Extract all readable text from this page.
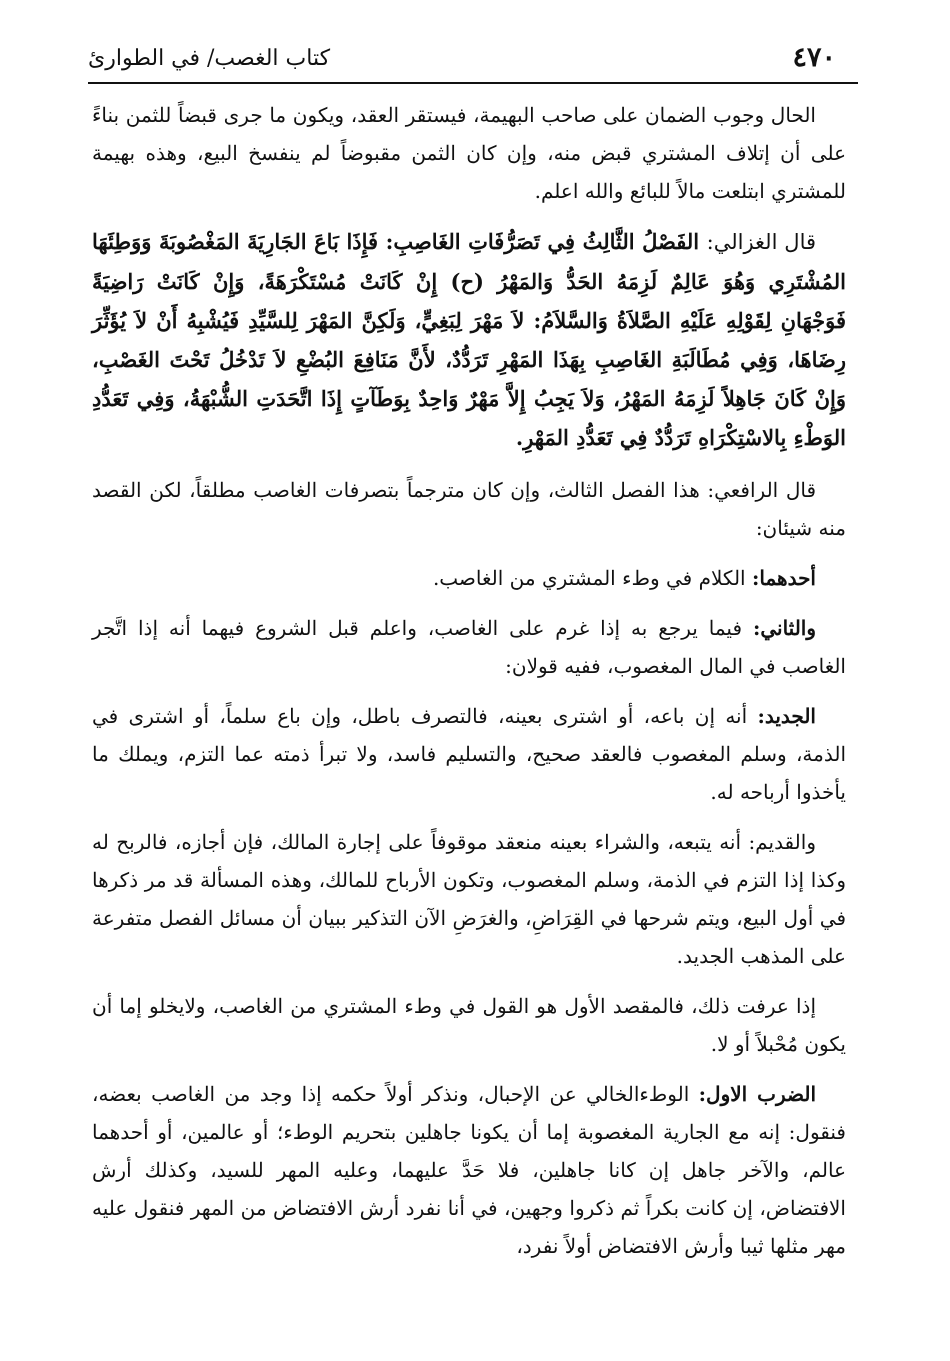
٤٧٠
كتاب الغصب/ في الطوارئ

الحال وجوب الضمان على صاحب البهيمة، فيستقر العقد، ويكون ما جرى قبضاً للثمن بناءً على أن إتلاف المشتري قبض منه، وإن كان الثمن مقبوضاً لم ينفسخ البيع، وهذه بهيمة للمشتري ابتلعت مالاً للبائع والله اعلم.

قال الغزالي: الفَصْلُ الثَّالِثُ فِي تَصَرُّفَاتِ الغَاصِبِ: فَإِذَا بَاعَ الجَارِيَةَ المَغْصُوبَةَ وَوَطِئَهَا المُشْتَرِي وَهُوَ عَالِمٌ لَزِمَهُ الحَدُّ وَالمَهْرُ (ح) إِنْ كَانَتْ مُسْتَكْرَهَةً، وَإِنْ كَانَتْ رَاضِيَةً فَوَجْهَانِ لِقَوْلِهِ عَلَيْهِ الصَّلاَةُ وَالسَّلاَمُ: لاَ مَهْرَ لِبَغِيٍّ، وَلَكِنَّ المَهْرَ لِلسَّيِّدِ فَيُشْبِهُ أَنْ لاَ يُؤَثِّرَ رِضَاهَا، وَفِي مُطَالَبَةِ الغَاصِبِ بِهَذَا المَهْرِ تَرَدُّدٌ، لأَنَّ مَنَافِعَ البُضْعِ لاَ تَدْخُلُ تَحْتَ الغَصْبِ، وَإِنْ كَانَ جَاهِلاً لَزِمَهُ المَهْرُ، وَلاَ يَجِبُ إِلاَّ مَهْرٌ وَاحِدٌ بِوَطَآتٍ إِذَا اتَّحَدَتِ الشُّبْهَةُ، وَفِي تَعَدُّدِ الوَطْءِ بِالاسْتِكْرَاهِ تَرَدُّدٌ فِي تَعَدُّدِ المَهْرِ.

قال الرافعي: هذا الفصل الثالث، وإن كان مترجماً بتصرفات الغاصب مطلقاً، لكن القصد منه شيئان:

أحدهما: الكلام في وطء المشتري من الغاصب.

والثاني: فيما يرجع به إذا غرم على الغاصب، واعلم قبل الشروع فيهما أنه إذا اتَّجر الغاصب في المال المغصوب، ففيه قولان:

الجديد: أنه إن باعه، أو اشترى بعينه، فالتصرف باطل، وإن باع سلماً، أو اشترى في الذمة، وسلم المغصوب فالعقد صحيح، والتسليم فاسد، ولا تبرأ ذمته عما التزم، ويملك ما يأخذوا أرباحه له.

والقديم: أنه يتبعه، والشراء بعينه منعقد موقوفاً على إجارة المالك، فإن أجازه، فالربح له وكذا إذا التزم في الذمة، وسلم المغصوب، وتكون الأرباح للمالك، وهذه المسألة قد مر ذكرها في أول البيع، ويتم شرحها في القِرَاضِ، والغرَضِ الآن التذكير ببيان أن مسائل الفصل متفرعة على المذهب الجديد.

إذا عرفت ذلك، فالمقصد الأول هو القول في وطء المشتري من الغاصب، ولايخلو إما أن يكون مُحْبلاً أو لا.

الضرب الاول: الوطءالخالي عن الإحبال، ونذكر أولاً حكمه إذا وجد من الغاصب بعضه، فنقول: إنه مع الجارية المغصوبة إما أن يكونا جاهلين بتحريم الوطء؛ أو عالمين، أو أحدهما عالم، والآخر جاهل إن كانا جاهلين، فلا حَدَّ عليهما، وعليه المهر للسيد، وكذلك أرش الافتضاض، إن كانت بكراً ثم ذكروا وجهين، في أنا نفرد أرش الافتضاض من المهر فنقول عليه مهر مثلها ثيبا وأرش الافتضاض أولاً نفرد،
